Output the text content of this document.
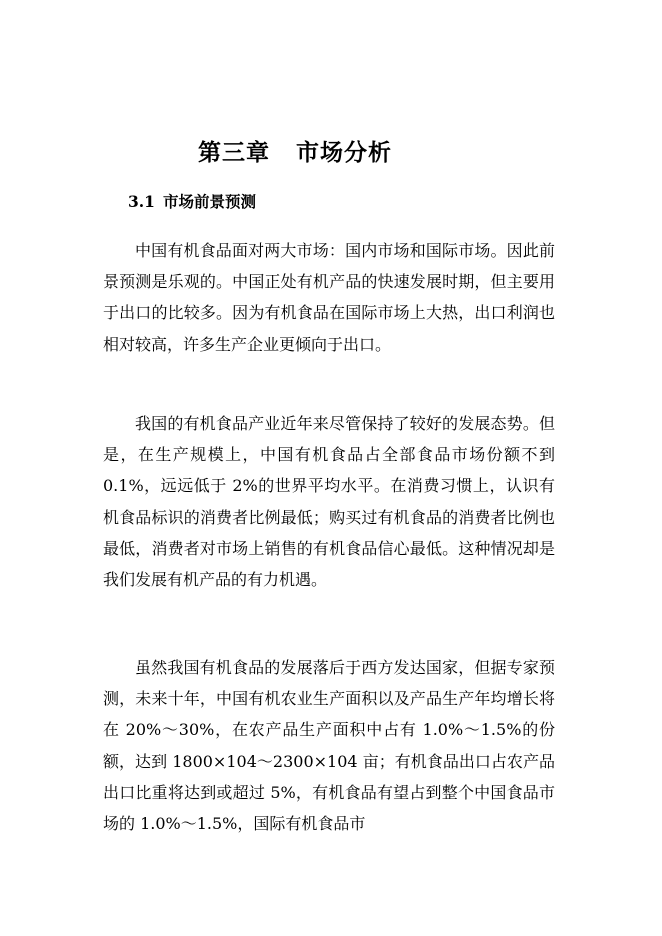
第三章 市场分析
3.1 市场前景预测

中国有机食品面对两大市场：国内市场和国际市场。因此前景预测是乐观的。中国正处有机产品的快速发展时期，但主要用于出口的比较多。因为有机食品在国际市场上大热，出口利润也相对较高，许多生产企业更倾向于出口。

我国的有机食品产业近年来尽管保持了较好的发展态势。但是，在生产规模上，中国有机食品占全部食品市场份额不到 0.1%，远远低于 2%的世界平均水平。在消费习惯上，认识有机食品标识的消费者比例最低；购买过有机食品的消费者比例也最低，消费者对市场上销售的有机食品信心最低。这种情况却是我们发展有机产品的有力机遇。

虽然我国有机食品的发展落后于西方发达国家，但据专家预测，未来十年，中国有机农业生产面积以及产品生产年均增长将在 20%～30%，在农产品生产面积中占有 1.0%～1.5%的份额，达到 1800×104～2300×104 亩；有机食品出口占农产品出口比重将达到或超过 5%，有机食品有望占到整个中国食品市场的 1.0%～1.5%，国际有机食品市
